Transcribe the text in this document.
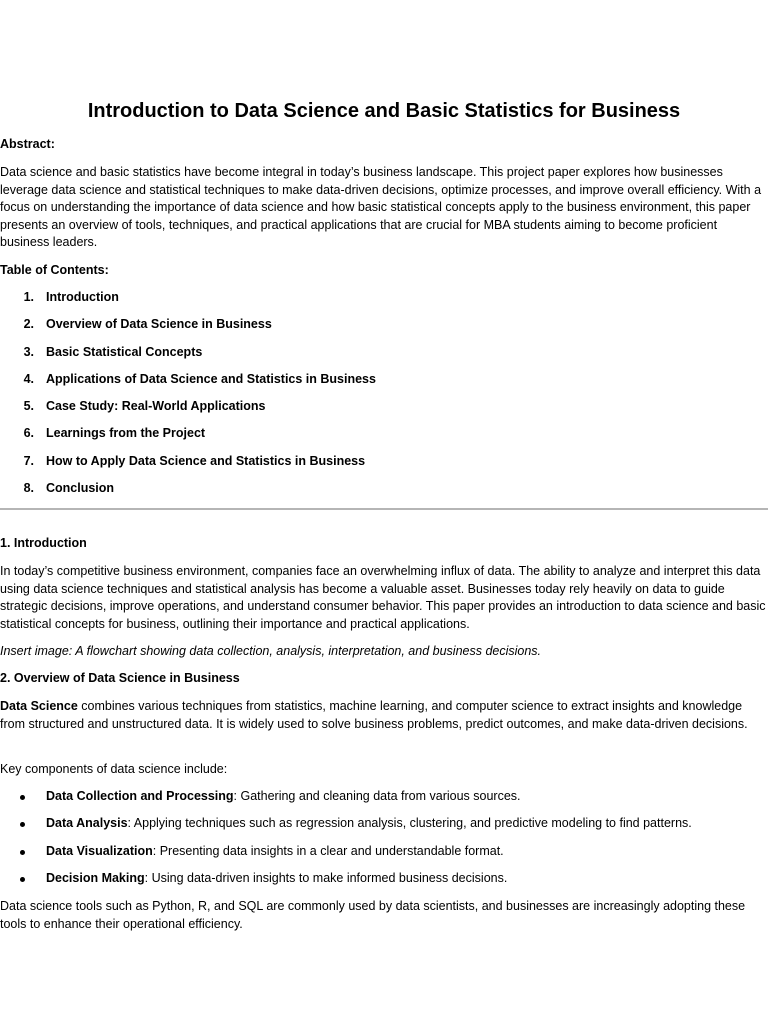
Introduction to Data Science and Basic Statistics for Business
Abstract:

Data science and basic statistics have become integral in today’s business landscape. This project paper explores how businesses leverage data science and statistical techniques to make data-driven decisions, optimize processes, and improve overall efficiency. With a focus on understanding the importance of data science and how basic statistical concepts apply to the business environment, this paper presents an overview of tools, techniques, and practical applications that are crucial for MBA students aiming to become proficient business leaders.

Table of Contents:
1. Introduction
2. Overview of Data Science in Business
3. Basic Statistical Concepts
4. Applications of Data Science and Statistics in Business
5. Case Study: Real-World Applications
6. Learnings from the Project
7. How to Apply Data Science and Statistics in Business
8. Conclusion
1. Introduction

In today’s competitive business environment, companies face an overwhelming influx of data. The ability to analyze and interpret this data using data science techniques and statistical analysis has become a valuable asset. Businesses today rely heavily on data to guide strategic decisions, improve operations, and understand consumer behavior. This paper provides an introduction to data science and basic statistical concepts for business, outlining their importance and practical applications.

Insert image: A flowchart showing data collection, analysis, interpretation, and business decisions.
2. Overview of Data Science in Business

Data Science combines various techniques from statistics, machine learning, and computer science to extract insights and knowledge from structured and unstructured data. It is widely used to solve business problems, predict outcomes, and make data-driven decisions.

Key components of data science include:
Data Collection and Processing: Gathering and cleaning data from various sources.
Data Analysis: Applying techniques such as regression analysis, clustering, and predictive modeling to find patterns.
Data Visualization: Presenting data insights in a clear and understandable format.
Decision Making: Using data-driven insights to make informed business decisions.

Data science tools such as Python, R, and SQL are commonly used by data scientists, and businesses are increasingly adopting these tools to enhance their operational efficiency.
